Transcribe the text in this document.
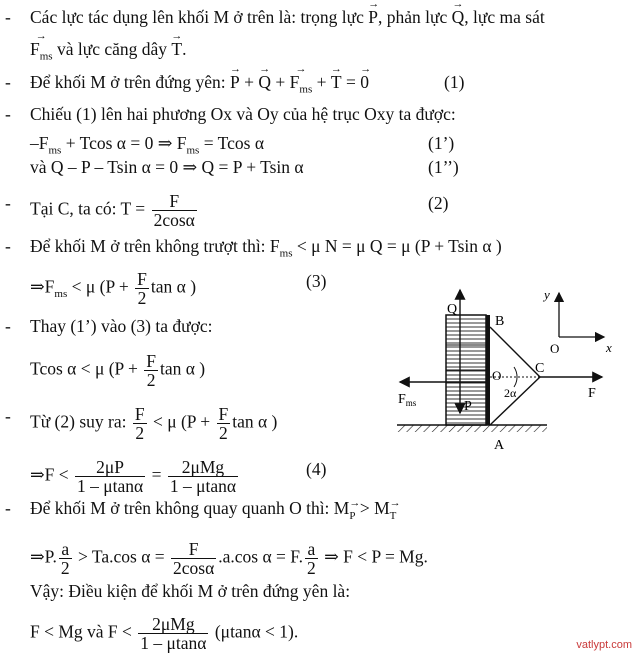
-	Các lực tác dụng lên khối M ở trên là: trọng lực → P, phản lực → Q, lực ma sát
→ $F_{ms}$ và lực căng dây → T.
-	Để khối M ở trên đứng yên: → P + → Q + → $F_{ms}$ + → T = → 0	(1)
-	Chiếu (1) lên hai phương Ox và Oy của hệ trục Oxy ta được:
$-F_{ms} + Tcos$ α = 0 ⇒ $F_{ms} = Tcos$ α	(1’)
và Q – P – Tsin α = 0 ⇒ Q = P + Tsin α	(1’’)
-	Tại C, ta có: $T = \frac{F}{2\cos\alpha}$	(2)
-	Để khối M ở trên không trượt thì: $F_{ms} < \mu$ N = μ Q = μ (P + Tsin α )
$\Rightarrow F_{ms} < \mu$ ($P + \frac{F}{2}$ tan α )	(3)
-	Thay (1’) vào (3) ta được:
Tcos α < μ ($P + \frac{F}{2}$ tan α )
-	Từ (2) suy ra: $\frac{F}{2} < \mu$ ($P + \frac{F}{2}$ tan α )
⇒F < $\frac{2\mu P}{1 - \mu\tan\alpha} = \frac{\text{2μMg}}{1 - \mu\tan\alpha}$	(4)
-	Để khối M ở trên không quay quanh O thì: M→ $_P$ > M→ $_T$
⇒P. $\frac{a}{2} > Ta.\cos$ $\alpha = \frac{F}{2\cos\alpha} .a.\cos$ α = F. $\frac{a}{2}$ ⇒ F < P = Mg.
Vậy: Điều kiện để khối M ở trên đứng yên là:
F < Mg và $F < \frac{\text{2μMg}}{1 - \mu\tan\alpha} (\mu\tan\alpha < 1)$.
Q
P
$F_{ms}$
B
A
C
O
O	x
y
F
2α
vatlypt.com
